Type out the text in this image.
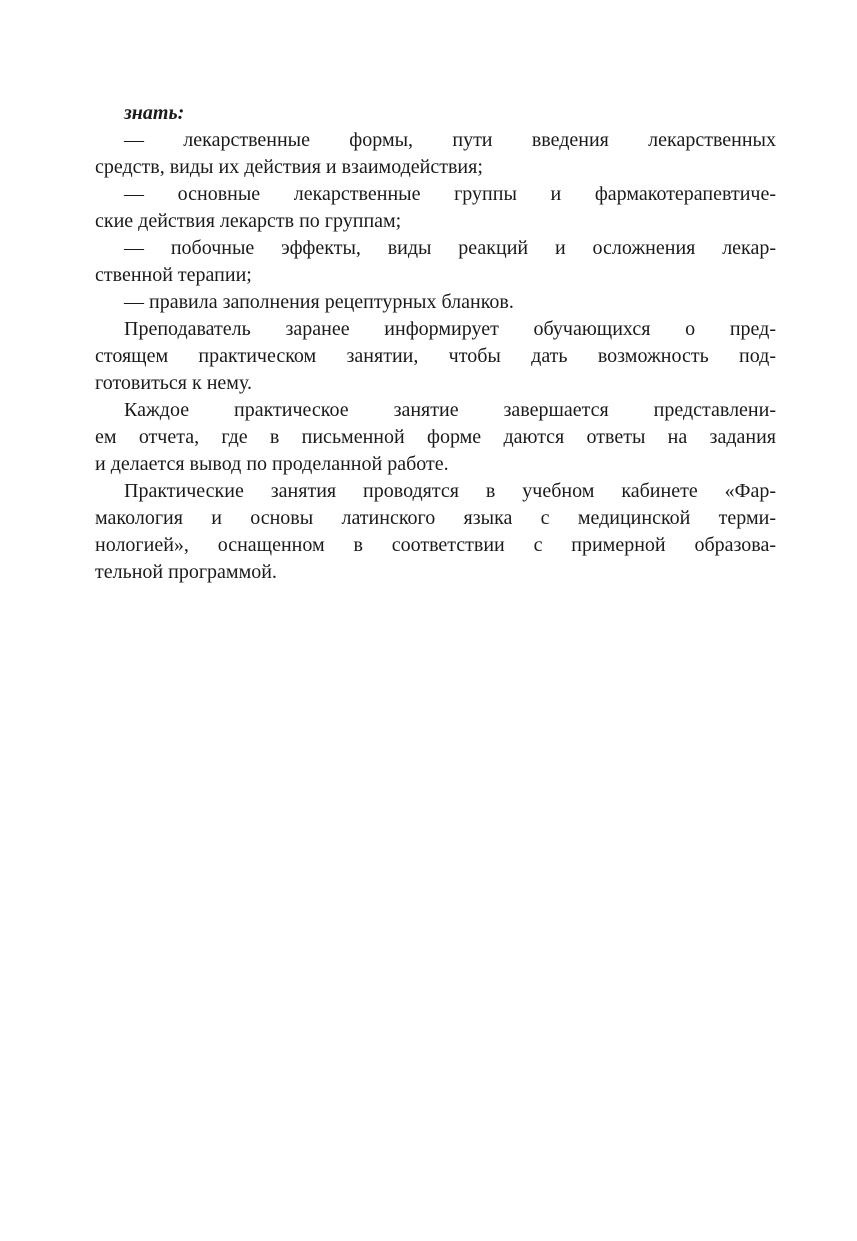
знать:
— лекарственные формы, пути введения лекарственных
средств, виды их действия и взаимодействия;
— основные лекарственные группы и фармакотерапевтиче-
ские действия лекарств по группам;
— побочные эффекты, виды реакций и осложнения лекар-
ственной терапии;
— правила заполнения рецептурных бланков.
Преподаватель заранее информирует обучающихся о пред-
стоящем практическом занятии, чтобы дать возможность под-
готовиться к нему.
Каждое практическое занятие завершается представлени-
ем отчета, где в письменной форме даются ответы на задания
и делается вывод по проделанной работе.
Практические занятия проводятся в учебном кабинете «Фар-
макология и основы латинского языка с медицинской терми-
нологией», оснащенном в соответствии с примерной образова-
тельной программой.
